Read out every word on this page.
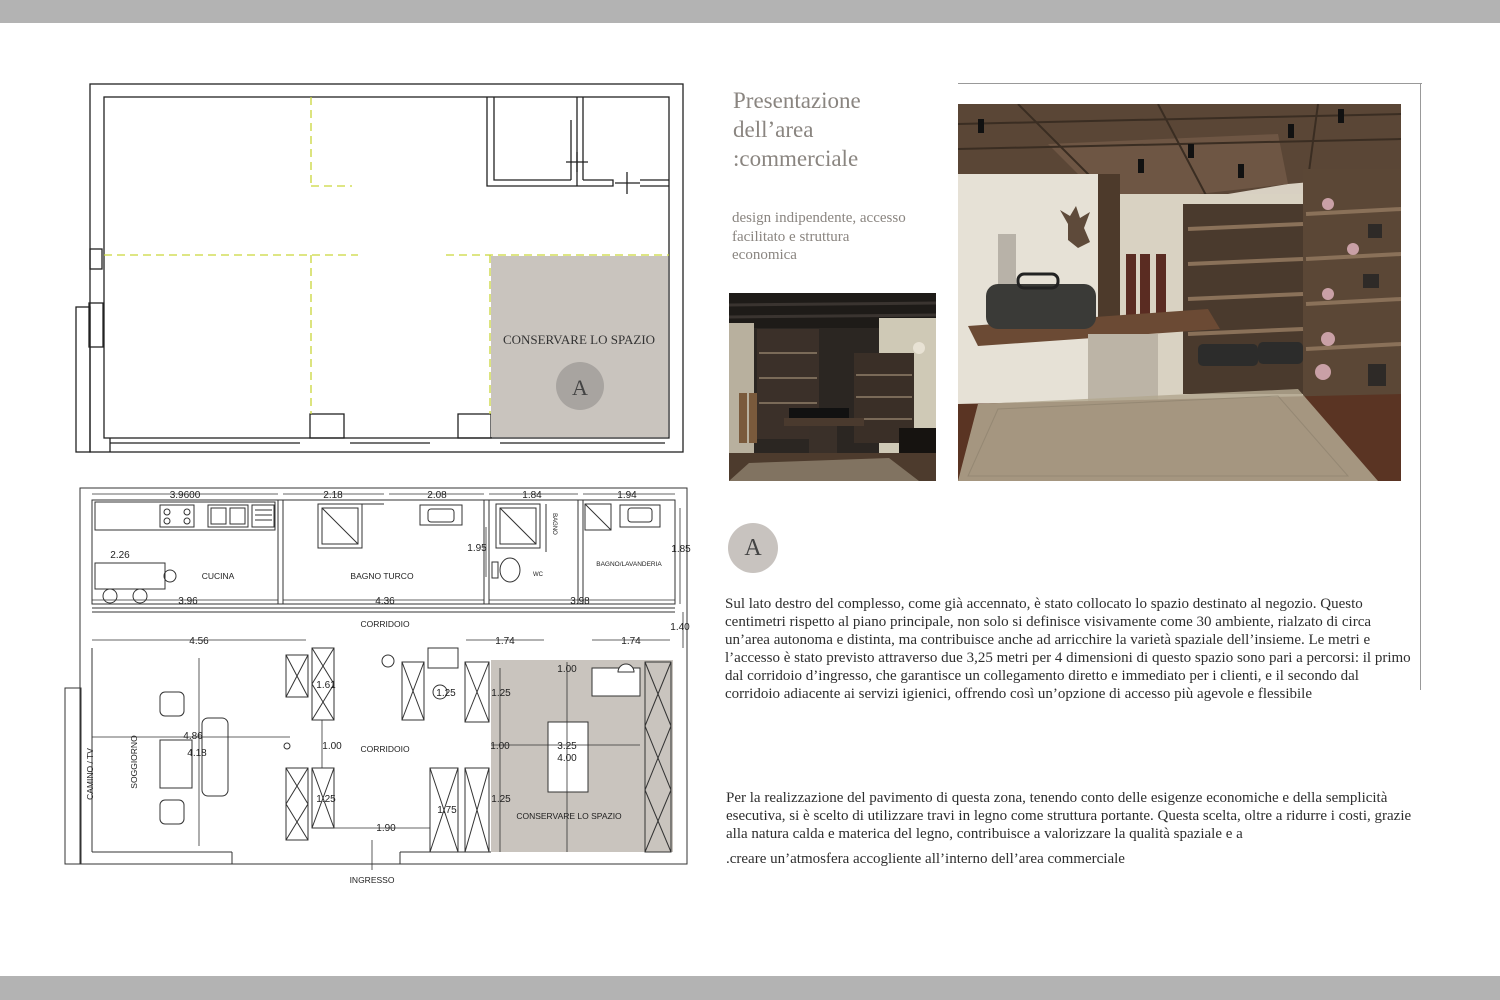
CONSERVARE LO SPAZIO
A
3.9600	2.18	2.08	1.84	1.94
2.26
1.95	1.85
3.96	4.36	3.98
1.40
4.56	1.74	1.74
1.00
1.61
1.25	1.25
4.86
4.18
1.00	1.00	3.25
4.00
1.25
1.75
1.25
1.90
CUCINA	BAGNO TURCO
BAGNO
WC
BAGNO/LAVANDERIA
CORRIDOIO
CORRIDOIO
SOGGIORNO
CAMINO / TV
CONSERVARE LO SPAZIO
INGRESSO
Presentazione
dell’area
:commerciale
design indipendente, accesso
facilitato e struttura
economica
A
Sul lato destro del complesso, come già accennato, è stato collocato lo spazio destinato al negozio. Questo centimetri rispetto al piano principale, non solo si definisce visivamente come 30 ambiente, rialzato di circa un’area autonoma e distinta, ma contribuisce anche ad arricchire la varietà spaziale dell’insieme. Le metri e l’accesso è stato previsto attraverso due 3,25 metri per 4 dimensioni di questo spazio sono pari a percorsi: il primo dal corridoio d’ingresso, che garantisce un collegamento diretto e immediato per i clienti, e il secondo dal corridoio adiacente ai servizi igienici, offrendo così un’opzione di accesso più agevole e flessibile
Per la realizzazione del pavimento di questa zona, tenendo conto delle esigenze economiche e della semplicità esecutiva, si è scelto di utilizzare travi in legno come struttura portante. Questa scelta, oltre a ridurre i costi, grazie alla natura calda e materica del legno, contribuisce a valorizzare la qualità spaziale e a
.creare un’atmosfera accogliente all’interno dell’area commerciale
